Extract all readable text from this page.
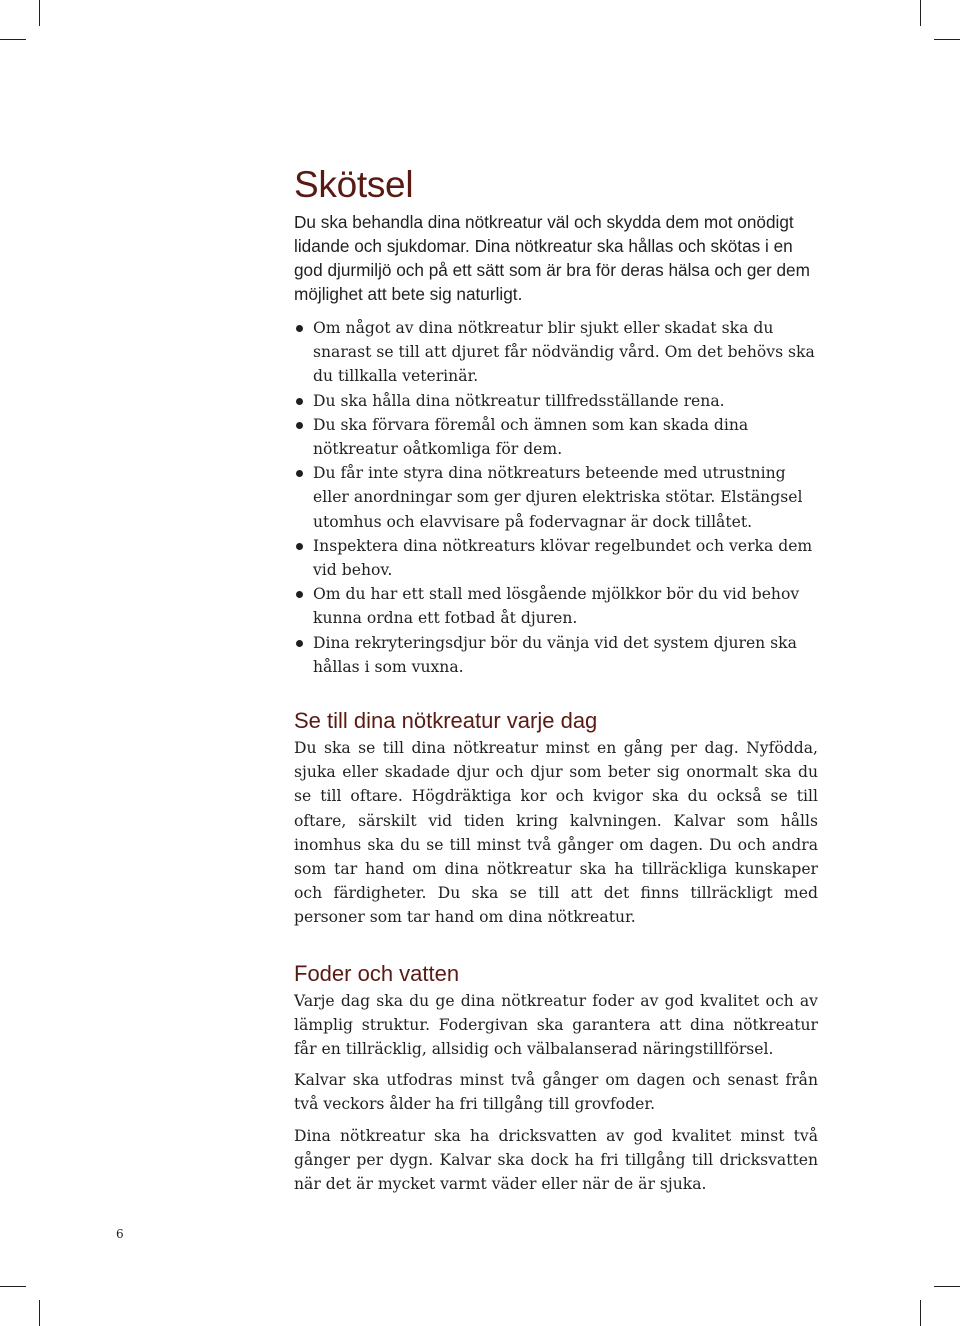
Skötsel

Du ska behandla dina nötkreatur väl och skydda dem mot onödigt lidande och sjukdomar. Dina nötkreatur ska hållas och skötas i en god djurmiljö och på ett sätt som är bra för deras hälsa och ger dem möjlighet att bete sig naturligt.

Om något av dina nötkreatur blir sjukt eller skadat ska du snarast se till att djuret får nödvändig vård. Om det behövs ska du tillkalla veterinär.
Du ska hålla dina nötkreatur tillfredsställande rena.
Du ska förvara föremål och ämnen som kan skada dina nötkreatur oåtkomliga för dem.
Du får inte styra dina nötkreaturs beteende med utrustning eller anordningar som ger djuren elektriska stötar. Elstängsel utomhus och elavvisare på fodervagnar är dock tillåtet.
Inspektera dina nötkreaturs klövar regelbundet och verka dem vid behov.
Om du har ett stall med lösgående mjölkkor bör du vid behov kunna ordna ett fotbad åt djuren.
Dina rekryteringsdjur bör du vänja vid det system djuren ska hållas i som vuxna.
Se till dina nötkreatur varje dag

Du ska se till dina nötkreatur minst en gång per dag. Nyfödda, sjuka eller skadade djur och djur som beter sig onormalt ska du se till oftare. Högdräktiga kor och kvigor ska du också se till oftare, särskilt vid tiden kring kalvningen. Kalvar som hålls inomhus ska du se till minst två gånger om dagen. Du och andra som tar hand om dina nötkreatur ska ha tillräckliga kunskaper och färdigheter. Du ska se till att det finns tillräckligt med personer som tar hand om dina nötkreatur.

Foder och vatten

Varje dag ska du ge dina nötkreatur foder av god kvalitet och av lämplig struktur. Fodergivan ska garantera att dina nötkreatur får en tillräcklig, allsidig och välbalanserad näringstillförsel.

Kalvar ska utfodras minst två gånger om dagen och senast från två veckors ålder ha fri tillgång till grovfoder.

Dina nötkreatur ska ha dricksvatten av god kvalitet minst två gånger per dygn. Kalvar ska dock ha fri tillgång till dricksvatten när det är mycket varmt väder eller när de är sjuka.

6
